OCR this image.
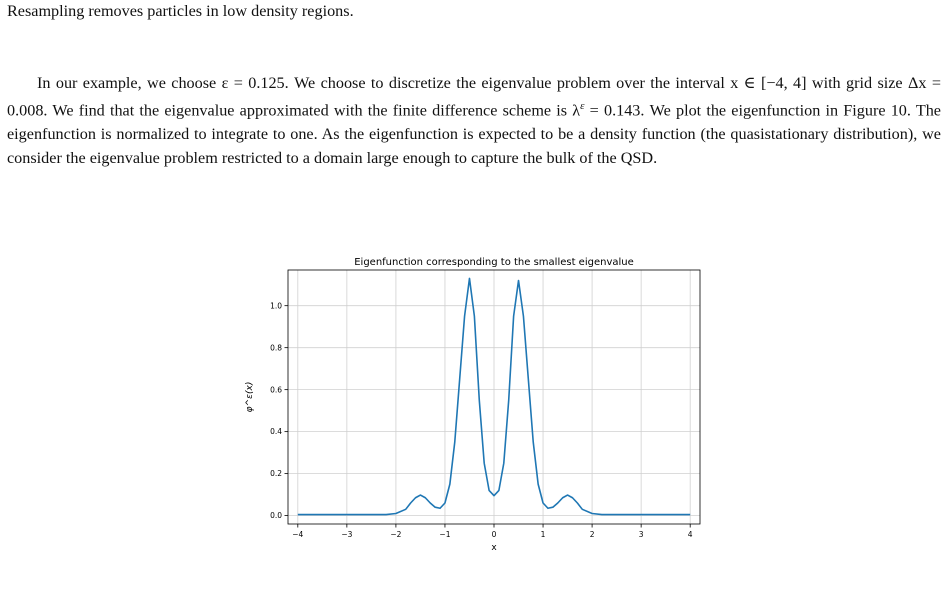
Resampling removes particles in low density regions.

In our example, we choose ε = 0.125. We choose to discretize the eigenvalue problem over the interval x ∈ [−4, 4] with grid size Δx = 0.008. We find that the eigenvalue approximated with the finite difference scheme is $\lambda^\varepsilon = 0.143$. We plot the eigenfunction in Figure 10. The eigenfunction is normalized to integrate to one. As the eigenfunction is expected to be a density function (the quasistationary distribution), we consider the eigenvalue problem restricted to a domain large enough to capture the bulk of the QSD.

Eigenfunction corresponding to the smallest eigenvalue
x
φ^ε(x)
−4	−3	−2	−1	0	1	2	3	4
0.0
0.2
0.4
0.6
0.8
1.0
